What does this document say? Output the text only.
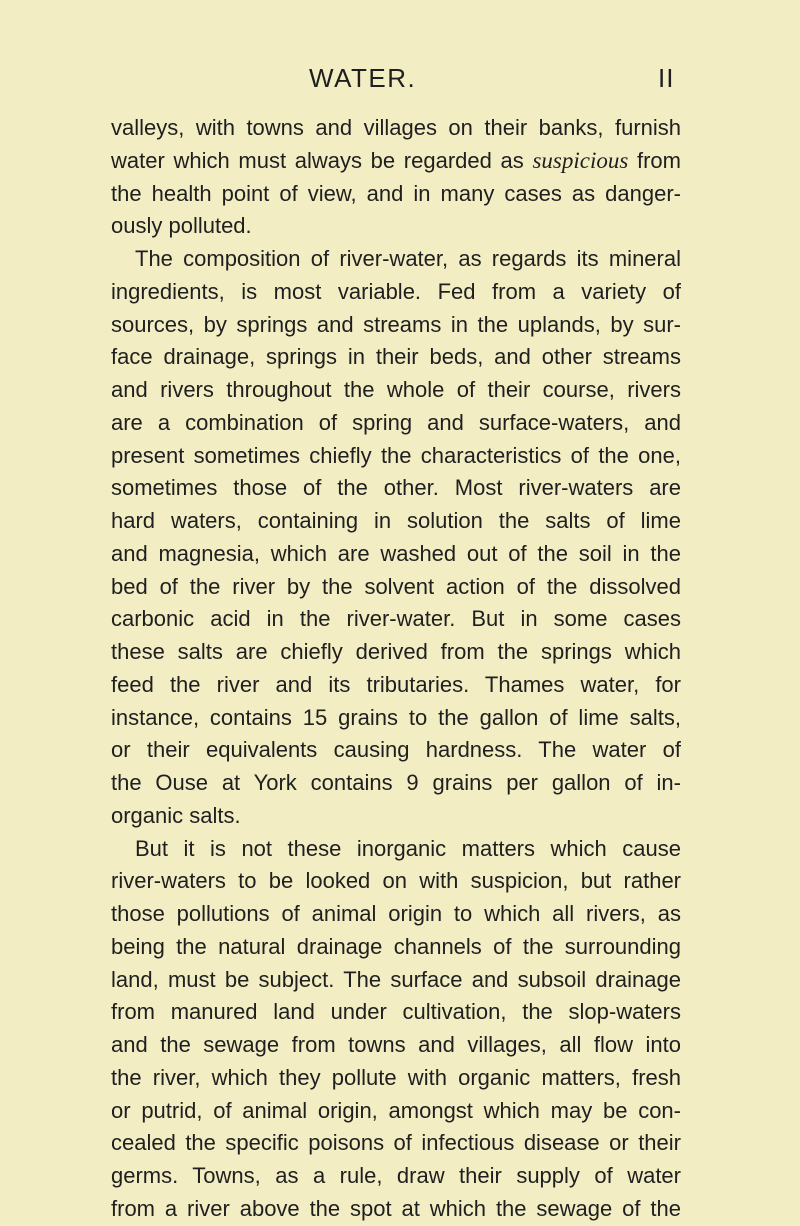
WATER.	II
valleys, with towns and villages on their banks, furnish
water which must always be regarded as suspicious from
the health point of view, and in many cases as danger-
ously polluted.
The composition of river-water, as regards its mineral
ingredients, is most variable. Fed from a variety of
sources, by springs and streams in the uplands, by sur-
face drainage, springs in their beds, and other streams
and rivers throughout the whole of their course, rivers
are a combination of spring and surface-waters, and
present sometimes chiefly the characteristics of the one,
sometimes those of the other. Most river-waters are
hard waters, containing in solution the salts of lime
and magnesia, which are washed out of the soil in the
bed of the river by the solvent action of the dissolved
carbonic acid in the river-water. But in some cases
these salts are chiefly derived from the springs which
feed the river and its tributaries. Thames water, for
instance, contains 15 grains to the gallon of lime salts,
or their equivalents causing hardness. The water of
the Ouse at York contains 9 grains per gallon of in-
organic salts.
But it is not these inorganic matters which cause
river-waters to be looked on with suspicion, but rather
those pollutions of animal origin to which all rivers, as
being the natural drainage channels of the surrounding
land, must be subject. The surface and subsoil drainage
from manured land under cultivation, the slop-waters
and the sewage from towns and villages, all flow into
the river, which they pollute with organic matters, fresh
or putrid, of animal origin, amongst which may be con-
cealed the specific poisons of infectious disease or their
germs. Towns, as a rule, draw their supply of water
from a river above the spot at which the sewage of the
